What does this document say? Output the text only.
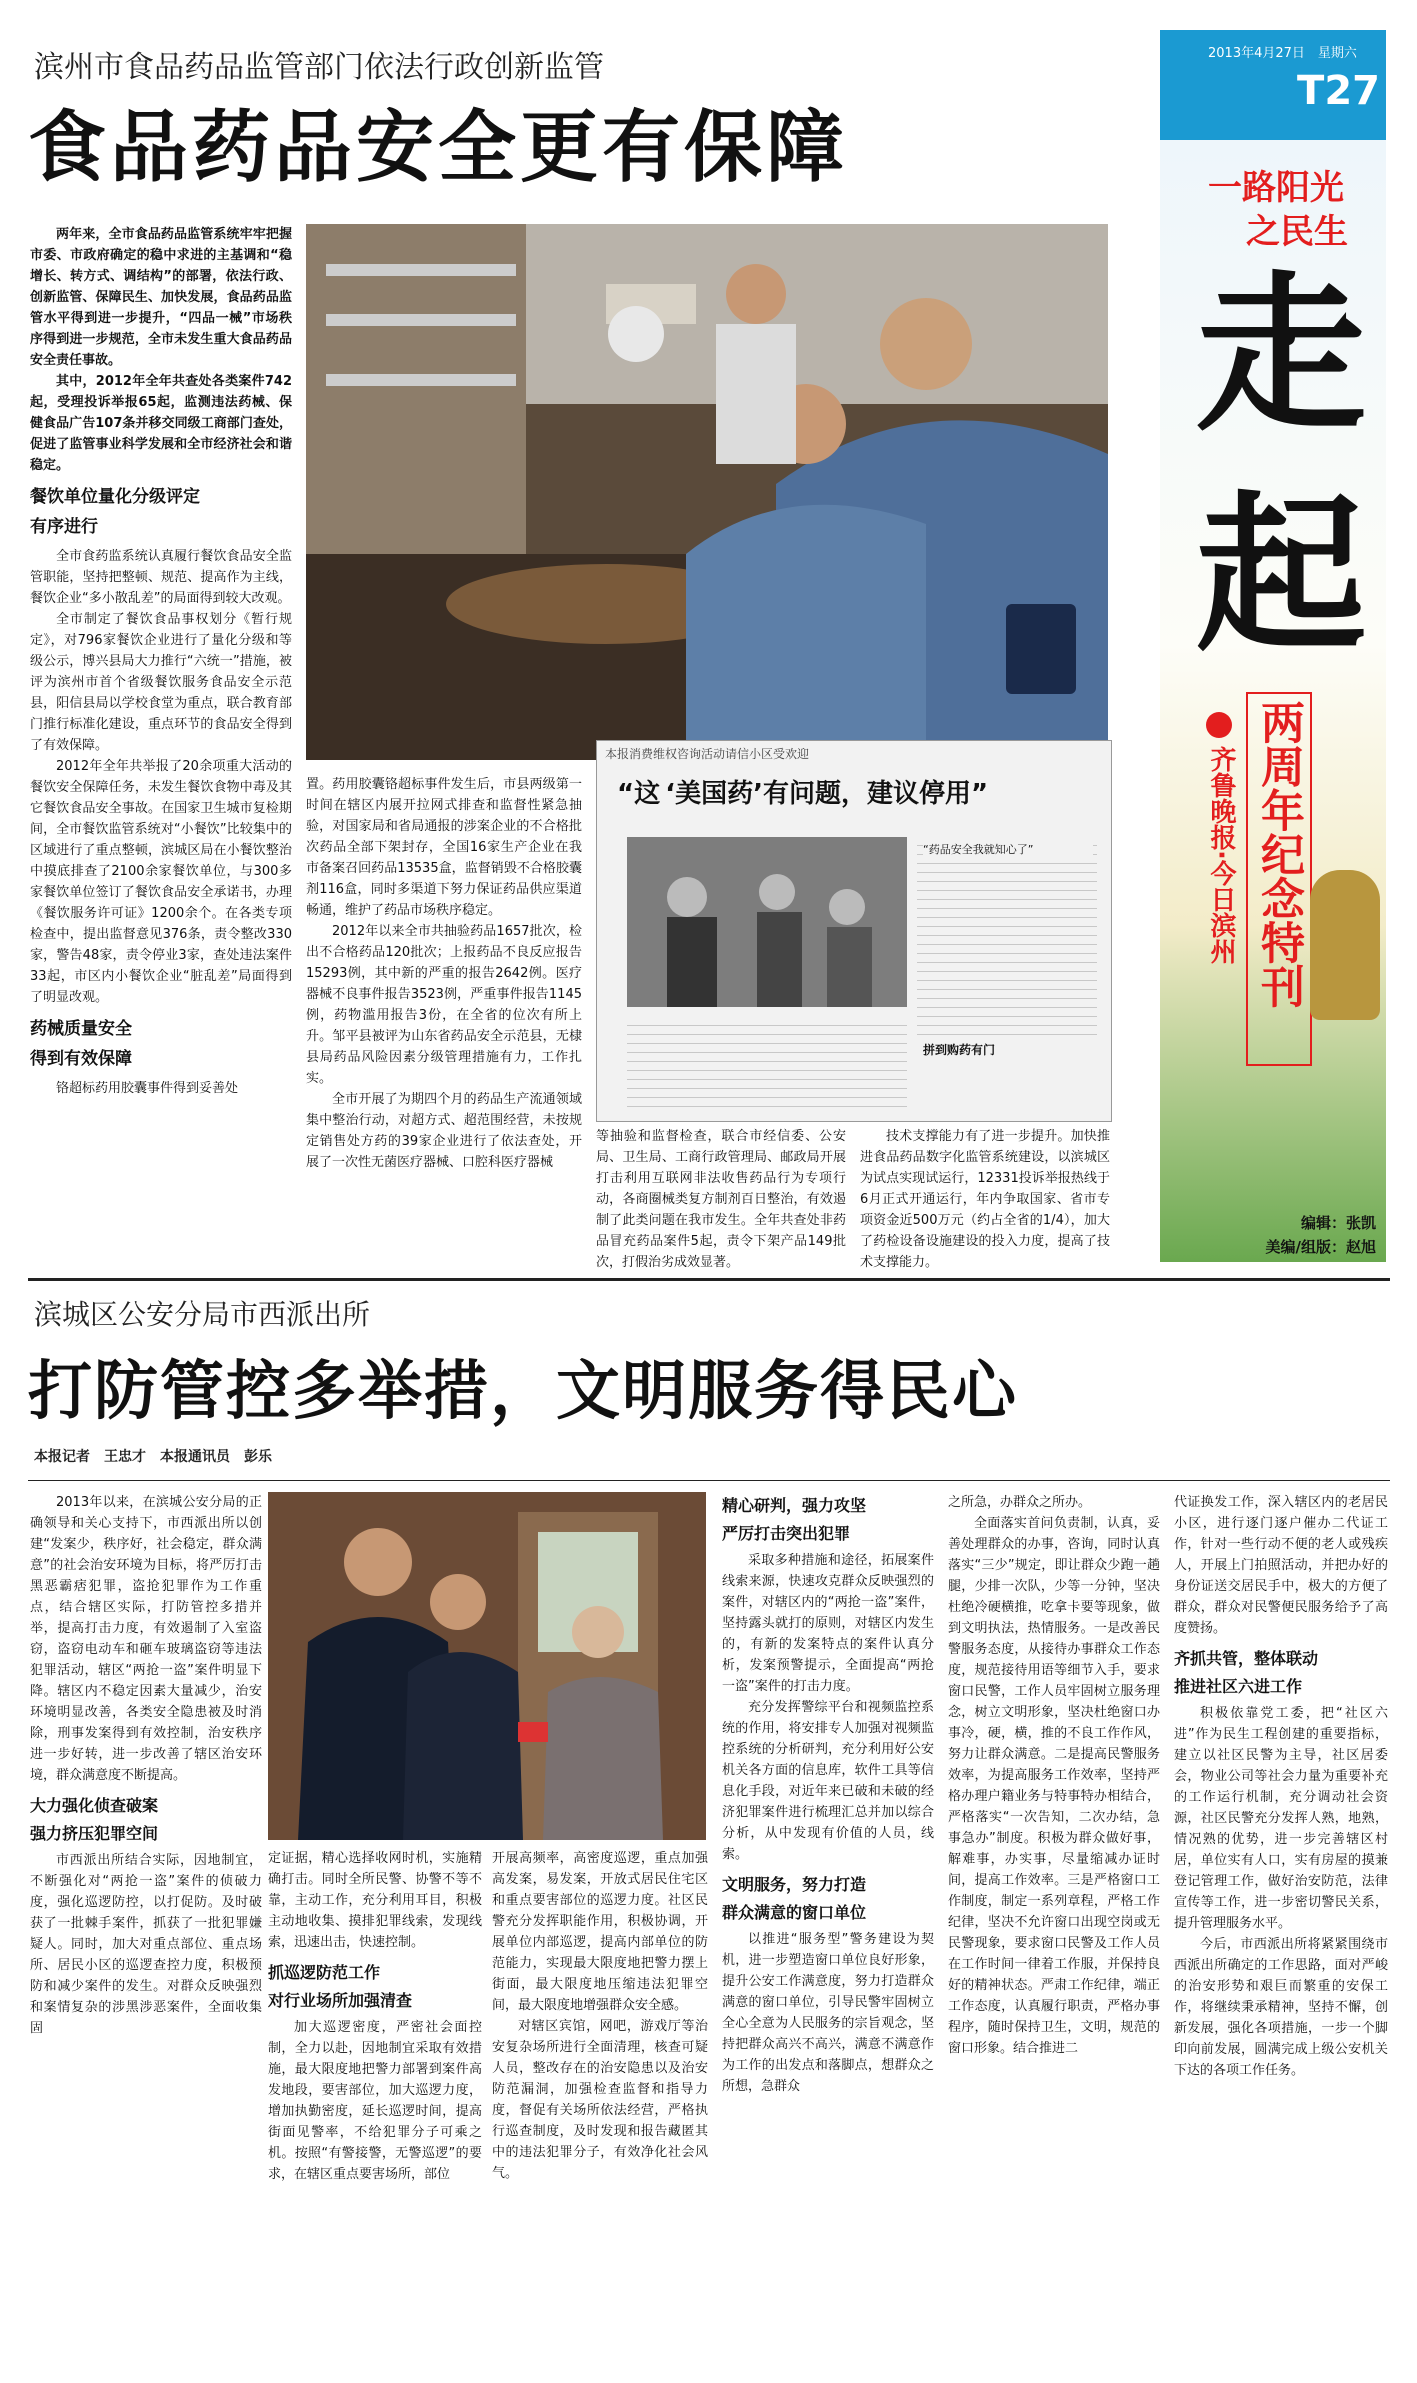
滨州市食品药品监管部门依法行政创新监管
食品药品安全更有保障

两年来，全市食品药品监管系统牢牢把握市委、市政府确定的稳中求进的主基调和“稳增长、转方式、调结构”的部署，依法行政、创新监管、保障民生、加快发展，食品药品监管水平得到进一步提升，“四品一械”市场秩序得到进一步规范，全市未发生重大食品药品安全责任事故。

其中，2012年全年共查处各类案件742起，受理投诉举报65起，监测违法药械、保健食品广告107条并移交同级工商部门查处，促进了监管事业科学发展和全市经济社会和谐稳定。

餐饮单位量化分级评定
有序进行

全市食药监系统认真履行餐饮食品安全监管职能，坚持把整顿、规范、提高作为主线，餐饮企业“多小散乱差”的局面得到较大改观。

全市制定了餐饮食品事权划分《暂行规定》，对796家餐饮企业进行了量化分级和等级公示，博兴县局大力推行“六统一”措施，被评为滨州市首个省级餐饮服务食品安全示范县，阳信县局以学校食堂为重点，联合教育部门推行标准化建设，重点环节的食品安全得到了有效保障。

2012年全年共举报了20余项重大活动的餐饮安全保障任务，未发生餐饮食物中毒及其它餐饮食品安全事故。在国家卫生城市复检期间，全市餐饮监管系统对“小餐饮”比较集中的区域进行了重点整顿，滨城区局在小餐饮整治中摸底排查了2100余家餐饮单位，与300多家餐饮单位签订了餐饮食品安全承诺书，办理《餐饮服务许可证》1200余个。在各类专项检查中，提出监督意见376条，责令整改330家，警告48家，责令停业3家，查处违法案件33起，市区内小餐饮企业“脏乱差”局面得到了明显改观。

药械质量安全
得到有效保障

铬超标药用胶囊事件得到妥善处

本报消费维权咨询活动请信小区受欢迎
“这 ‘美国药’有问题，建议停用”
“药品安全我就知心了”
拼到购药有门

置。药用胶囊铬超标事件发生后，市县两级第一时间在辖区内展开拉网式排查和监督性紧急抽验，对国家局和省局通报的涉案企业的不合格批次药品全部下架封存，全国16家生产企业在我市备案召回药品13535盒，监督销毁不合格胶囊剂116盒，同时多渠道下努力保证药品供应渠道畅通，维护了药品市场秩序稳定。

2012年以来全市共抽验药品1657批次，检出不合格药品120批次；上报药品不良反应报告15293例，其中新的严重的报告2642例。医疗器械不良事件报告3523例，严重事件报告1145例，药物滥用报告3份，在全省的位次有所上升。邹平县被评为山东省药品安全示范县，无棣县局药品风险因素分级管理措施有力，工作扎实。

全市开展了为期四个月的药品生产流通领域集中整治行动，对超方式、超范围经营，未按规定销售处方药的39家企业进行了依法查处，开展了一次性无菌医疗器械、口腔科医疗器械

等抽验和监督检查，联合市经信委、公安局、卫生局、工商行政管理局、邮政局开展打击利用互联网非法收售药品行为专项行动，各商圈械类复方制剂百日整治，有效遏制了此类问题在我市发生。全年共查处非药品冒充药品案件5起，责令下架产品149批次，打假治劣成效显著。

技术支撑能力有了进一步提升。加快推进食品药品数字化监管系统建设，以滨城区为试点实现试运行，12331投诉举报热线于6月正式开通运行，年内争取国家、省市专项资金近500万元（约占全省的1/4），加大了药检设备设施建设的投入力度，提高了技术支撑能力。

2013年4月27日　星期六
T27
一路阳光
之民生
走
起
齐鲁晚报·今日滨州 两周年纪念特刊
编辑：张凯
美编/组版：赵旭
滨城区公安分局市西派出所
打防管控多举措，文明服务得民心
本报记者　王忠才　本报通讯员　彭乐

2013年以来，在滨城公安分局的正确领导和关心支持下，市西派出所以创建“发案少，秩序好，社会稳定，群众满意”的社会治安环境为目标，将严厉打击黑恶霸痞犯罪，盗抢犯罪作为工作重点，结合辖区实际，打防管控多措并举，提高打击力度，有效遏制了入室盗窃，盗窃电动车和砸车玻璃盗窃等违法犯罪活动，辖区“两抢一盗”案件明显下降。辖区内不稳定因素大量减少，治安环境明显改善，各类安全隐患被及时消除，刑事发案得到有效控制，治安秩序进一步好转，进一步改善了辖区治安环境，群众满意度不断提高。

大力强化侦查破案
强力挤压犯罪空间

市西派出所结合实际，因地制宜，不断强化对“两抢一盗”案件的侦破力度，强化巡逻防控，以打促防。及时破获了一批棘手案件，抓获了一批犯罪嫌疑人。同时，加大对重点部位、重点场所、居民小区的巡逻查控力度，积极预防和减少案件的发生。对群众反映强烈和案情复杂的涉黑涉恶案件，全面收集固

定证据，精心选择收网时机，实施精确打击。同时全所民警、协警不等不靠，主动工作，充分利用耳目，积极主动地收集、摸排犯罪线索，发现线索，迅速出击，快速控制。

抓巡逻防范工作
对行业场所加强清查

加大巡逻密度，严密社会面控制，全力以赴，因地制宜采取有效措施，最大限度地把警力部署到案件高发地段，要害部位，加大巡逻力度，增加执勤密度，延长巡逻时间，提高街面见警率，不给犯罪分子可乘之机。按照“有警接警，无警巡逻”的要求，在辖区重点要害场所，部位

开展高频率，高密度巡逻，重点加强高发案，易发案，开放式居民住宅区和重点要害部位的巡逻力度。社区民警充分发挥职能作用，积极协调，开展单位内部巡逻，提高内部单位的防范能力，实现最大限度地把警力摆上街面，最大限度地压缩违法犯罪空间，最大限度地增强群众安全感。

对辖区宾馆，网吧，游戏厅等治安复杂场所进行全面清理，核查可疑人员，整改存在的治安隐患以及治安防范漏洞，加强检查监督和指导力度，督促有关场所依法经营，严格执行巡查制度，及时发现和报告藏匿其中的违法犯罪分子，有效净化社会风气。

精心研判，强力攻坚
严厉打击突出犯罪

采取多种措施和途径，拓展案件线索来源，快速攻克群众反映强烈的案件，对辖区内的“两抢一盗”案件，坚持露头就打的原则，对辖区内发生的，有新的发案特点的案件认真分析，发案预警提示，全面提高“两抢一盗”案件的打击力度。

充分发挥警综平台和视频监控系统的作用，将安排专人加强对视频监控系统的分析研判，充分利用好公安机关各方面的信息库，软件工具等信息化手段，对近年来已破和未破的经济犯罪案件进行梳理汇总并加以综合分析，从中发现有价值的人员，线索。

文明服务，努力打造
群众满意的窗口单位

以推进“服务型”警务建设为契机，进一步塑造窗口单位良好形象，提升公安工作满意度，努力打造群众满意的窗口单位，引导民警牢固树立全心全意为人民服务的宗旨观念，坚持把群众高兴不高兴，满意不满意作为工作的出发点和落脚点，想群众之所想，急群众

之所急，办群众之所办。

全面落实首问负责制，认真，妥善处理群众的办事，咨询，同时认真落实“三少”规定，即让群众少跑一趟腿，少排一次队，少等一分钟，坚决杜绝冷硬横推，吃拿卡要等现象，做到文明执法，热情服务。一是改善民警服务态度，从接待办事群众工作态度，规范接待用语等细节入手，要求窗口民警，工作人员牢固树立服务理念，树立文明形象，坚决杜绝窗口办事冷，硬，横，推的不良工作作风，努力让群众满意。二是提高民警服务效率，为提高服务工作效率，坚持严格办理户籍业务与特事特办相结合，严格落实“一次告知，二次办结，急事急办”制度。积极为群众做好事，解难事，办实事，尽量缩减办证时间，提高工作效率。三是严格窗口工作制度，制定一系列章程，严格工作纪律，坚决不允许窗口出现空岗或无民警现象，要求窗口民警及工作人员在工作时间一律着工作服，并保持良好的精神状态。严肃工作纪律，端正工作态度，认真履行职责，严格办事程序，随时保持卫生，文明，规范的窗口形象。结合推进二

代证换发工作，深入辖区内的老居民小区，进行逐门逐户催办二代证工作，针对一些行动不便的老人或残疾人，开展上门拍照活动，并把办好的身份证送交居民手中，极大的方便了群众，群众对民警便民服务给予了高度赞扬。

齐抓共管，整体联动
推进社区六进工作

积极依靠党工委，把“社区六进”作为民生工程创建的重要指标，建立以社区民警为主导，社区居委会，物业公司等社会力量为重要补充的工作运行机制，充分调动社会资源，社区民警充分发挥人熟，地熟，情况熟的优势，进一步完善辖区村居，单位实有人口，实有房屋的摸兼登记管理工作，做好治安防范，法律宣传等工作，进一步密切警民关系，提升管理服务水平。

今后，市西派出所将紧紧围绕市西派出所确定的工作思路，面对严峻的治安形势和艰巨而繁重的安保工作，将继续秉承精神，坚持不懈，创新发展，强化各项措施，一步一个脚印向前发展，圆满完成上级公安机关下达的各项工作任务。
